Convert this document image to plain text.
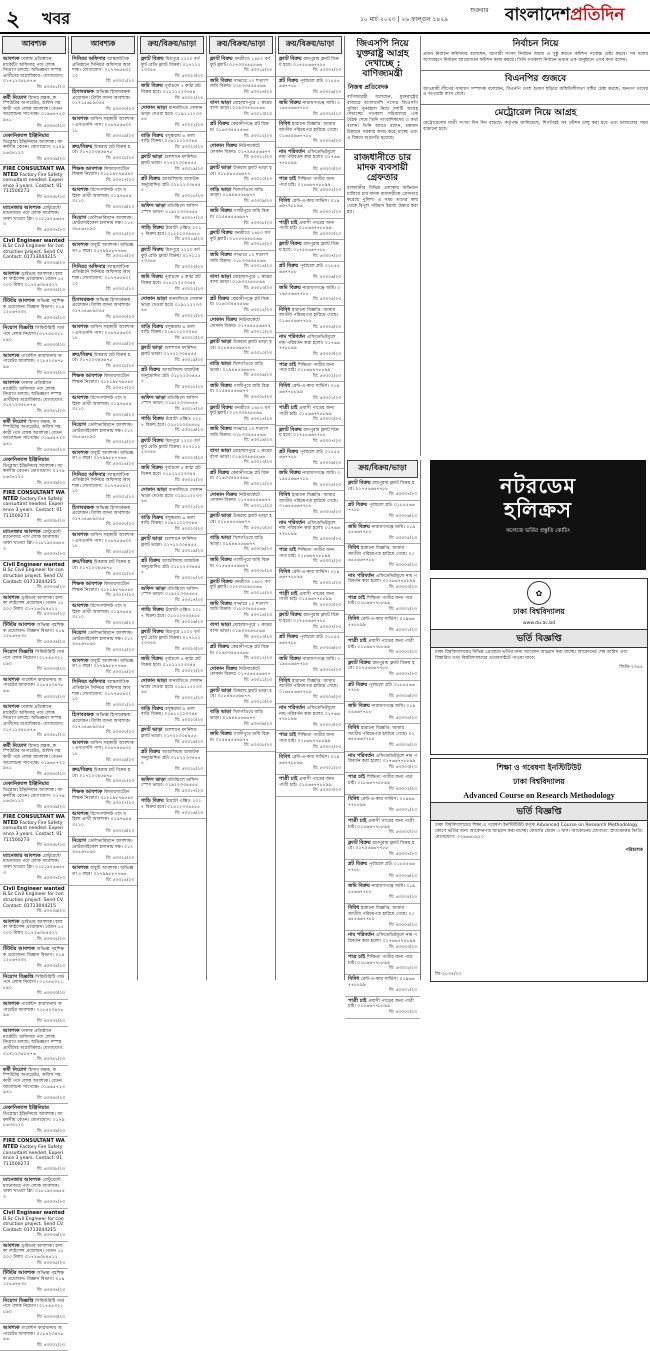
২ খবর	শুক্রবার
১০ মার্চ ২০২৩ | ২৬ ফাল্গুন ১৪২৯	বাংলাদেশপ্রতিদিন
আবশ্যক
আবশ্যক ঢাকাস্থ প্রতিষ্ঠানে মার্কেটিং অফিসার পদে লোক নিয়োগ চলছে। অভিজ্ঞতা সম্পন্ন প্রার্থীদের অগ্রাধিকার। যোগাযোগ: ০১৭১১৩৫৮৪৭৬
বি: ৫৩৩৪১/২৩
কর্মী নিয়োগ হিসাব রক্ষক, কম্পিউটার অপারেটর, অফিস সহকারী পদে লোক আবশ্যক। বেতন আলোচনা সাপেক্ষে। ০১৯৬৫৭২৩৯৪১
বি: ৫৩৩৪০/২৩
মেকানিক্যাল ইঞ্জিনিয়ার ডিপ্লোমা ইঞ্জিনিয়ার আবশ্যক। আকর্ষণীয় বেতন। যোগাযোগ: ০১৭৯৮৬৩৪১২০
বি: ৫৩৩৩৯/২৩
FIRE CONSULTANT WANTED Factory Fire Safety consultant needed. Experience 3 years. Contact: 01711500273
বি: ৫৩৩৩৮/২৩
ম্যানেজার আবশ্যক রেস্টুরেন্টে ম্যানেজার পদে লোক আবশ্যক। থাকা খাওয়া ফ্রি। ০১৮১৯২৪৬৫৫৩
বি: ৫৩৩৩৭/২৩
Civil Engineer wanted B.Sc Civil Engineer for construction project. Send CV. Contact: 01713044215
বি: ৫৩৩৩৬/২৩
আবশ্যক ড্রাইভার আবশ্যক। হালকা লাইসেন্স প্রয়োজন। বেতন ১৫০০০ টাকা। ০১৭২৬৩৮৪৫১২
বি: ৫৩৩৩৫/২৩
টিউটর আবশ্যক অভিজ্ঞ গৃহশিক্ষক প্রয়োজন। বিজ্ঞান বিভাগ। ০১৯১২৫৬৭৪৩২
বি: ৫৩৩৩৪/২৩
নিয়োগ বিজ্ঞপ্তি সিকিউরিটি গার্ড পদে লোক নিয়োগ। ০১৭৪৫৩২১৮৯০
বি: ৫৩৩৩৩/২৩
আবশ্যক গার্মেন্টস কারখানায় অপারেটর আবশ্যক। ০১৮৫২৩৪৭৮৯৬
বি: ৫৩৩৩২/২৩
আবশ্যক ঢাকাস্থ প্রতিষ্ঠানে মার্কেটিং অফিসার পদে লোক নিয়োগ চলছে। অভিজ্ঞতা সম্পন্ন প্রার্থীদের অগ্রাধিকার। যোগাযোগ: ০১৭১১৩৫৮৪৭৬
বি: ৫৩৩৪১/২৩
কর্মী নিয়োগ হিসাব রক্ষক, কম্পিউটার অপারেটর, অফিস সহকারী পদে লোক আবশ্যক। বেতন আলোচনা সাপেক্ষে। ০১৯৬৫৭২৩৯৪১
বি: ৫৩৩৪০/২৩
মেকানিক্যাল ইঞ্জিনিয়ার ডিপ্লোমা ইঞ্জিনিয়ার আবশ্যক। আকর্ষণীয় বেতন। যোগাযোগ: ০১৭৯৮৬৩৪১২০
বি: ৫৩৩৩৯/২৩
FIRE CONSULTANT WANTED Factory Fire Safety consultant needed. Experience 3 years. Contact: 01711500273
বি: ৫৩৩৩৮/২৩
ম্যানেজার আবশ্যক রেস্টুরেন্টে ম্যানেজার পদে লোক আবশ্যক। থাকা খাওয়া ফ্রি। ০১৮১৯২৪৬৫৫৩
বি: ৫৩৩৩৭/২৩
Civil Engineer wanted B.Sc Civil Engineer for construction project. Send CV. Contact: 01713044215
বি: ৫৩৩৩৬/২৩
আবশ্যক ড্রাইভার আবশ্যক। হালকা লাইসেন্স প্রয়োজন। বেতন ১৫০০০ টাকা। ০১৭২৬৩৮৪৫১২
বি: ৫৩৩৩৫/২৩
টিউটর আবশ্যক অভিজ্ঞ গৃহশিক্ষক প্রয়োজন। বিজ্ঞান বিভাগ। ০১৯১২৫৬৭৪৩২
বি: ৫৩৩৩৪/২৩
নিয়োগ বিজ্ঞপ্তি সিকিউরিটি গার্ড পদে লোক নিয়োগ। ০১৭৪৫৩২১৮৯০
বি: ৫৩৩৩৩/২৩
আবশ্যক গার্মেন্টস কারখানায় অপারেটর আবশ্যক। ০১৮৫২৩৪৭৮৯৬
বি: ৫৩৩৩২/২৩
আবশ্যক ঢাকাস্থ প্রতিষ্ঠানে মার্কেটিং অফিসার পদে লোক নিয়োগ চলছে। অভিজ্ঞতা সম্পন্ন প্রার্থীদের অগ্রাধিকার। যোগাযোগ: ০১৭১১৩৫৮৪৭৬
বি: ৫৩৩৪১/২৩
কর্মী নিয়োগ হিসাব রক্ষক, কম্পিউটার অপারেটর, অফিস সহকারী পদে লোক আবশ্যক। বেতন আলোচনা সাপেক্ষে। ০১৯৬৫৭২৩৯৪১
বি: ৫৩৩৪০/২৩
মেকানিক্যাল ইঞ্জিনিয়ার ডিপ্লোমা ইঞ্জিনিয়ার আবশ্যক। আকর্ষণীয় বেতন। যোগাযোগ: ০১৭৯৮৬৩৪১২০
বি: ৫৩৩৩৯/২৩
FIRE CONSULTANT WANTED Factory Fire Safety consultant needed. Experience 3 years. Contact: 01711500273
বি: ৫৩৩৩৮/২৩
ম্যানেজার আবশ্যক রেস্টুরেন্টে ম্যানেজার পদে লোক আবশ্যক। থাকা খাওয়া ফ্রি। ০১৮১৯২৪৬৫৫৩
বি: ৫৩৩৩৭/২৩
Civil Engineer wanted B.Sc Civil Engineer for construction project. Send CV. Contact: 01713044215
বি: ৫৩৩৩৬/২৩
আবশ্যক ড্রাইভার আবশ্যক। হালকা লাইসেন্স প্রয়োজন। বেতন ১৫০০০ টাকা। ০১৭২৬৩৮৪৫১২
বি: ৫৩৩৩৫/২৩
টিউটর আবশ্যক অভিজ্ঞ গৃহশিক্ষক প্রয়োজন। বিজ্ঞান বিভাগ। ০১৯১২৫৬৭৪৩২
বি: ৫৩৩৩৪/২৩
নিয়োগ বিজ্ঞপ্তি সিকিউরিটি গার্ড পদে লোক নিয়োগ। ০১৭৪৫৩২১৮৯০
বি: ৫৩৩৩৩/২৩
আবশ্যক গার্মেন্টস কারখানায় অপারেটর আবশ্যক। ০১৮৫২৩৪৭৮৯৬
বি: ৫৩৩৩২/২৩
আবশ্যক ঢাকাস্থ প্রতিষ্ঠানে মার্কেটিং অফিসার পদে লোক নিয়োগ চলছে। অভিজ্ঞতা সম্পন্ন প্রার্থীদের অগ্রাধিকার। যোগাযোগ: ০১৭১১৩৫৮৪৭৬
বি: ৫৩৩৪১/২৩
কর্মী নিয়োগ হিসাব রক্ষক, কম্পিউটার অপারেটর, অফিস সহকারী পদে লোক আবশ্যক। বেতন আলোচনা সাপেক্ষে। ০১৯৬৫৭২৩৯৪১
বি: ৫৩৩৪০/২৩
মেকানিক্যাল ইঞ্জিনিয়ার ডিপ্লোমা ইঞ্জিনিয়ার আবশ্যক। আকর্ষণীয় বেতন। যোগাযোগ: ০১৭৯৮৬৩৪১২০
বি: ৫৩৩৩৯/২৩
FIRE CONSULTANT WANTED Factory Fire Safety consultant needed. Experience 3 years. Contact: 01711500273
বি: ৫৩৩৩৮/২৩
ম্যানেজার আবশ্যক রেস্টুরেন্টে ম্যানেজার পদে লোক আবশ্যক। থাকা খাওয়া ফ্রি। ০১৮১৯২৪৬৫৫৩
বি: ৫৩৩৩৭/২৩
Civil Engineer wanted B.Sc Civil Engineer for construction project. Send CV. Contact: 01713044215
বি: ৫৩৩৩৬/২৩
আবশ্যক ড্রাইভার আবশ্যক। হালকা লাইসেন্স প্রয়োজন। বেতন ১৫০০০ টাকা। ০১৭২৬৩৮৪৫১২
বি: ৫৩৩৩৫/২৩
টিউটর আবশ্যক অভিজ্ঞ গৃহশিক্ষক প্রয়োজন। বিজ্ঞান বিভাগ। ০১৯১২৫৬৭৪৩২
বি: ৫৩৩৩৪/২৩
নিয়োগ বিজ্ঞপ্তি সিকিউরিটি গার্ড পদে লোক নিয়োগ। ০১৭৪৫৩২১৮৯০
বি: ৫৩৩৩৩/২৩
আবশ্যক গার্মেন্টস কারখানায় অপারেটর আবশ্যক। ০১৮৫২৩৪৭৮৯৬
বি: ৫৩৩৩২/২৩
আবশ্যক
সিনিয়র অফিসার আন্তর্জাতিক প্রতিষ্ঠানে সিনিয়র অফিসার আবশ্যক। যোগাযোগ: ০১৭৭৬৫৪৩২১০
বি: ৫৩৩৩১/২৩
হিসাবরক্ষক অভিজ্ঞ হিসাবরক্ষক প্রয়োজন। ট্যালি জানা আবশ্যক। ০১৭১৫৬৮৯০৪৫
বি: ৫৩৩৩০/২৩
আবশ্যক অফিস সহকারী আবশ্যক। এসএসসি পাস। ০১৬৭৪৫৬৩২১৮
বি: ৫৩৩২৯/২৩
ক্রয়/বিক্রয় উত্তরায় প্লট বিক্রয় হবে। ০১৭১২৩৪৫৬৭৮
বি: ৫৩৩২৮/২৩
শিক্ষক আবশ্যক কিন্ডারগার্টেনে শিক্ষক নিয়োগ। ০১৮১৯৮৭৬৫৪৩
বি: ৫৩৩২৭/২৩
আবশ্যক রিসেপশনিস্ট পদে মহিলা প্রার্থী আবশ্যক। ০১৯৭৬৫৪৩২১০
বি: ৫৩৩২৬/২৩
নিয়োগ ডেলিভারিম্যান আবশ্যক। মোটরসাইকেল চালনায় দক্ষ। ০১৭৩৪৫৬৭৮৯০
বি: ৫৩৩২৫/২৩
আবশ্যক বাবুর্চি আবশ্যক। অভিজ্ঞতা ৫ বছর। ০১৭৯৯৮৮৭৭৬৬
বি: ৫৩৩২৪/২৩
সিনিয়র অফিসার আন্তর্জাতিক প্রতিষ্ঠানে সিনিয়র অফিসার আবশ্যক। যোগাযোগ: ০১৭৭৬৫৪৩২১০
বি: ৫৩৩৩১/২৩
হিসাবরক্ষক অভিজ্ঞ হিসাবরক্ষক প্রয়োজন। ট্যালি জানা আবশ্যক। ০১৭১৫৬৮৯০৪৫
বি: ৫৩৩৩০/২৩
আবশ্যক অফিস সহকারী আবশ্যক। এসএসসি পাস। ০১৬৭৪৫৬৩২১৮
বি: ৫৩৩২৯/২৩
ক্রয়/বিক্রয় উত্তরায় প্লট বিক্রয় হবে। ০১৭১২৩৪৫৬৭৮
বি: ৫৩৩২৮/২৩
শিক্ষক আবশ্যক কিন্ডারগার্টেনে শিক্ষক নিয়োগ। ০১৮১৯৮৭৬৫৪৩
বি: ৫৩৩২৭/২৩
আবশ্যক রিসেপশনিস্ট পদে মহিলা প্রার্থী আবশ্যক। ০১৯৭৬৫৪৩২১০
বি: ৫৩৩২৬/২৩
নিয়োগ ডেলিভারিম্যান আবশ্যক। মোটরসাইকেল চালনায় দক্ষ। ০১৭৩৪৫৬৭৮৯০
বি: ৫৩৩২৫/২৩
আবশ্যক বাবুর্চি আবশ্যক। অভিজ্ঞতা ৫ বছর। ০১৭৯৯৮৮৭৭৬৬
বি: ৫৩৩২৪/২৩
সিনিয়র অফিসার আন্তর্জাতিক প্রতিষ্ঠানে সিনিয়র অফিসার আবশ্যক। যোগাযোগ: ০১৭৭৬৫৪৩২১০
বি: ৫৩৩৩১/২৩
হিসাবরক্ষক অভিজ্ঞ হিসাবরক্ষক প্রয়োজন। ট্যালি জানা আবশ্যক। ০১৭১৫৬৮৯০৪৫
বি: ৫৩৩৩০/২৩
আবশ্যক অফিস সহকারী আবশ্যক। এসএসসি পাস। ০১৬৭৪৫৬৩২১৮
বি: ৫৩৩২৯/২৩
ক্রয়/বিক্রয় উত্তরায় প্লট বিক্রয় হবে। ০১৭১২৩৪৫৬৭৮
বি: ৫৩৩২৮/২৩
শিক্ষক আবশ্যক কিন্ডারগার্টেনে শিক্ষক নিয়োগ। ০১৮১৯৮৭৬৫৪৩
বি: ৫৩৩২৭/২৩
আবশ্যক রিসেপশনিস্ট পদে মহিলা প্রার্থী আবশ্যক। ০১৯৭৬৫৪৩২১০
বি: ৫৩৩২৬/২৩
নিয়োগ ডেলিভারিম্যান আবশ্যক। মোটরসাইকেল চালনায় দক্ষ। ০১৭৩৪৫৬৭৮৯০
বি: ৫৩৩২৫/২৩
আবশ্যক বাবুর্চি আবশ্যক। অভিজ্ঞতা ৫ বছর। ০১৭৯৯৮৮৭৭৬৬
বি: ৫৩৩২৪/২৩
সিনিয়র অফিসার আন্তর্জাতিক প্রতিষ্ঠানে সিনিয়র অফিসার আবশ্যক। যোগাযোগ: ০১৭৭৬৫৪৩২১০
বি: ৫৩৩৩১/২৩
হিসাবরক্ষক অভিজ্ঞ হিসাবরক্ষক প্রয়োজন। ট্যালি জানা আবশ্যক। ০১৭১৫৬৮৯০৪৫
বি: ৫৩৩৩০/২৩
আবশ্যক অফিস সহকারী আবশ্যক। এসএসসি পাস। ০১৬৭৪৫৬৩২১৮
বি: ৫৩৩২৯/২৩
ক্রয়/বিক্রয় উত্তরায় প্লট বিক্রয় হবে। ০১৭১২৩৪৫৬৭৮
বি: ৫৩৩২৮/২৩
শিক্ষক আবশ্যক কিন্ডারগার্টেনে শিক্ষক নিয়োগ। ০১৮১৯৮৭৬৫৪৩
বি: ৫৩৩২৭/২৩
আবশ্যক রিসেপশনিস্ট পদে মহিলা প্রার্থী আবশ্যক। ০১৯৭৬৫৪৩২১০
বি: ৫৩৩২৬/২৩
নিয়োগ ডেলিভারিম্যান আবশ্যক। মোটরসাইকেল চালনায় দক্ষ। ০১৭৩৪৫৬৭৮৯০
বি: ৫৩৩২৫/২৩
আবশ্যক বাবুর্চি আবশ্যক। অভিজ্ঞতা ৫ বছর। ০১৭৯৯৮৮৭৭৬৬
বি: ৫৩৩২৪/২৩
ক্রয়/বিক্রয়/ভাড়া
ফ্ল্যাট বিক্রয় মিরপুরে ১২০০ বর্গফুট রেডি ফ্ল্যাট বিক্রয়। ০১৭১১২২৩৩৪৪
বি: ৫৩৩২৩/২৩
জমি বিক্রয় পূর্বাচলে ৫ কাঠা প্লট বিক্রয় হবে। ০১৮১১২২৩৩৪৪
বি: ৫৩৩২২/২৩
দোকান ভাড়া ধানমন্ডিতে দোকান ভাড়া দেওয়া হবে। ০১৯১১২২৩৩৪৪
বি: ৫৩৩২১/২৩
বাড়ি বিক্রয় বসুন্ধরায় ৬ তলা বাড়ি বিক্রয়। ০১৬১১২২৩৩৪৪
বি: ৫৩৩২০/২৩
ফ্ল্যাট ভাড়া গুলশানে ফার্নিশড ফ্ল্যাট ভাড়া। ০১৭২২৩৩৪৪৫৫
বি: ৫৩৩১৯/২৩
প্লট বিক্রয় আশুলিয়ায় রাজউক অনুমোদিত প্লট। ০১৮২২৩৩৪৪৫৫
বি: ৫৩৩১৮/২৩
অফিস ভাড়া মতিঝিলে অফিস স্পেস ভাড়া। ০১৯২২৩৩৪৪৫৫
বি: ৫৩৩১৭/২৩
গাড়ি বিক্রয় টয়োটা এক্সিও ২০১৭ বিক্রয় হবে। ০১৫২২৩৩৪৪৫৫
বি: ৫৩৩১৬/২৩
ফ্ল্যাট বিক্রয় মিরপুরে ১২০০ বর্গফুট রেডি ফ্ল্যাট বিক্রয়। ০১৭১১২২৩৩৪৪
বি: ৫৩৩২৩/২৩
জমি বিক্রয় পূর্বাচলে ৫ কাঠা প্লট বিক্রয় হবে। ০১৮১১২২৩৩৪৪
বি: ৫৩৩২২/২৩
দোকান ভাড়া ধানমন্ডিতে দোকান ভাড়া দেওয়া হবে। ০১৯১১২২৩৩৪৪
বি: ৫৩৩২১/২৩
বাড়ি বিক্রয় বসুন্ধরায় ৬ তলা বাড়ি বিক্রয়। ০১৬১১২২৩৩৪৪
বি: ৫৩৩২০/২৩
ফ্ল্যাট ভাড়া গুলশানে ফার্নিশড ফ্ল্যাট ভাড়া। ০১৭২২৩৩৪৪৫৫
বি: ৫৩৩১৯/২৩
প্লট বিক্রয় আশুলিয়ায় রাজউক অনুমোদিত প্লট। ০১৮২২৩৩৪৪৫৫
বি: ৫৩৩১৮/২৩
অফিস ভাড়া মতিঝিলে অফিস স্পেস ভাড়া। ০১৯২২৩৩৪৪৫৫
বি: ৫৩৩১৭/২৩
গাড়ি বিক্রয় টয়োটা এক্সিও ২০১৭ বিক্রয় হবে। ০১৫২২৩৩৪৪৫৫
বি: ৫৩৩১৬/২৩
ফ্ল্যাট বিক্রয় মিরপুরে ১২০০ বর্গফুট রেডি ফ্ল্যাট বিক্রয়। ০১৭১১২২৩৩৪৪
বি: ৫৩৩২৩/২৩
জমি বিক্রয় পূর্বাচলে ৫ কাঠা প্লট বিক্রয় হবে। ০১৮১১২২৩৩৪৪
বি: ৫৩৩২২/২৩
দোকান ভাড়া ধানমন্ডিতে দোকান ভাড়া দেওয়া হবে। ০১৯১১২২৩৩৪৪
বি: ৫৩৩২১/২৩
বাড়ি বিক্রয় বসুন্ধরায় ৬ তলা বাড়ি বিক্রয়। ০১৬১১২২৩৩৪৪
বি: ৫৩৩২০/২৩
ফ্ল্যাট ভাড়া গুলশানে ফার্নিশড ফ্ল্যাট ভাড়া। ০১৭২২৩৩৪৪৫৫
বি: ৫৩৩১৯/২৩
প্লট বিক্রয় আশুলিয়ায় রাজউক অনুমোদিত প্লট। ০১৮২২৩৩৪৪৫৫
বি: ৫৩৩১৮/২৩
অফিস ভাড়া মতিঝিলে অফিস স্পেস ভাড়া। ০১৯২২৩৩৪৪৫৫
বি: ৫৩৩১৭/২৩
গাড়ি বিক্রয় টয়োটা এক্সিও ২০১৭ বিক্রয় হবে। ০১৫২২৩৩৪৪৫৫
বি: ৫৩৩১৬/২৩
ফ্ল্যাট বিক্রয় মিরপুরে ১২০০ বর্গফুট রেডি ফ্ল্যাট বিক্রয়। ০১৭১১২২৩৩৪৪
বি: ৫৩৩২৩/২৩
জমি বিক্রয় পূর্বাচলে ৫ কাঠা প্লট বিক্রয় হবে। ০১৮১১২২৩৩৪৪
বি: ৫৩৩২২/২৩
দোকান ভাড়া ধানমন্ডিতে দোকান ভাড়া দেওয়া হবে। ০১৯১১২২৩৩৪৪
বি: ৫৩৩২১/২৩
বাড়ি বিক্রয় বসুন্ধরায় ৬ তলা বাড়ি বিক্রয়। ০১৬১১২২৩৩৪৪
বি: ৫৩৩২০/২৩
ফ্ল্যাট ভাড়া গুলশানে ফার্নিশড ফ্ল্যাট ভাড়া। ০১৭২২৩৩৪৪৫৫
বি: ৫৩৩১৯/২৩
প্লট বিক্রয় আশুলিয়ায় রাজউক অনুমোদিত প্লট। ০১৮২২৩৩৪৪৫৫
বি: ৫৩৩১৮/২৩
অফিস ভাড়া মতিঝিলে অফিস স্পেস ভাড়া। ০১৯২২৩৩৪৪৫৫
বি: ৫৩৩১৭/২৩
গাড়ি বিক্রয় টয়োটা এক্সিও ২০১৭ বিক্রয় হবে। ০১৫২২৩৩৪৪৫৫
বি: ৫৩৩১৬/২৩
ক্রয়/বিক্রয়/ভাড়া
ফ্ল্যাট বিক্রয় বনশ্রীতে ১৪৫০ বর্গফুট ফ্ল্যাট। ০১৭৩৩৪৪৫৫৬৬
বি: ৫৩৩১৫/২৩
জমি বিক্রয় সাভারে ১০ শতাংশ জমি বিক্রয়। ০১৮৩৩৪৪৫৫৬৬
বি: ৫৩৩১৪/২৩
বাসা ভাড়া মোহাম্মদপুরে ২ রুমের বাসা ভাড়া। ০১৯৩৩৪৪৫৫৬৬
বি: ৫৩৩১৩/২৩
প্লট বিক্রয় কেরানীগঞ্জে প্লট বিক্রয়। ০১৬৩৩৪৪৫৫৬৬
বি: ৫৩৩১২/২৩
দোকান বিক্রয় নিউমার্কেটে দোকান বিক্রয়। ০১৭৪৪৫৫৬৬৭৭
বি: ৫৩৩১১/২৩
ফ্ল্যাট ভাড়া উত্তরায় ফ্ল্যাট ভাড়া হবে। ০১৮৪৪৫৫৬৬৭৭
বি: ৫৩৩১০/২৩
বাড়ি ভাড়া খিলগাঁওয়ে বাড়ি ভাড়া। ০১৯৪৪৫৫৬৬৭৭
বি: ৫৩৩০৯/২৩
জমি বিক্রয় গাজীপুরে জমি বিক্রয়। ০১৫৪৪৫৫৬৬৭৭
বি: ৫৩৩০৮/২৩
ফ্ল্যাট বিক্রয় বনশ্রীতে ১৪৫০ বর্গফুট ফ্ল্যাট। ০১৭৩৩৪৪৫৫৬৬
বি: ৫৩৩১৫/২৩
জমি বিক্রয় সাভারে ১০ শতাংশ জমি বিক্রয়। ০১৮৩৩৪৪৫৫৬৬
বি: ৫৩৩১৪/২৩
বাসা ভাড়া মোহাম্মদপুরে ২ রুমের বাসা ভাড়া। ০১৯৩৩৪৪৫৫৬৬
বি: ৫৩৩১৩/২৩
প্লট বিক্রয় কেরানীগঞ্জে প্লট বিক্রয়। ০১৬৩৩৪৪৫৫৬৬
বি: ৫৩৩১২/২৩
দোকান বিক্রয় নিউমার্কেটে দোকান বিক্রয়। ০১৭৪৪৫৫৬৬৭৭
বি: ৫৩৩১১/২৩
ফ্ল্যাট ভাড়া উত্তরায় ফ্ল্যাট ভাড়া হবে। ০১৮৪৪৫৫৬৬৭৭
বি: ৫৩৩১০/২৩
বাড়ি ভাড়া খিলগাঁওয়ে বাড়ি ভাড়া। ০১৯৪৪৫৫৬৬৭৭
বি: ৫৩৩০৯/২৩
জমি বিক্রয় গাজীপুরে জমি বিক্রয়। ০১৫৪৪৫৫৬৬৭৭
বি: ৫৩৩০৮/২৩
ফ্ল্যাট বিক্রয় বনশ্রীতে ১৪৫০ বর্গফুট ফ্ল্যাট। ০১৭৩৩৪৪৫৫৬৬
বি: ৫৩৩১৫/২৩
জমি বিক্রয় সাভারে ১০ শতাংশ জমি বিক্রয়। ০১৮৩৩৪৪৫৫৬৬
বি: ৫৩৩১৪/২৩
বাসা ভাড়া মোহাম্মদপুরে ২ রুমের বাসা ভাড়া। ০১৯৩৩৪৪৫৫৬৬
বি: ৫৩৩১৩/২৩
প্লট বিক্রয় কেরানীগঞ্জে প্লট বিক্রয়। ০১৬৩৩৪৪৫৫৬৬
বি: ৫৩৩১২/২৩
দোকান বিক্রয় নিউমার্কেটে দোকান বিক্রয়। ০১৭৪৪৫৫৬৬৭৭
বি: ৫৩৩১১/২৩
ফ্ল্যাট ভাড়া উত্তরায় ফ্ল্যাট ভাড়া হবে। ০১৮৪৪৫৫৬৬৭৭
বি: ৫৩৩১০/২৩
বাড়ি ভাড়া খিলগাঁওয়ে বাড়ি ভাড়া। ০১৯৪৪৫৫৬৬৭৭
বি: ৫৩৩০৯/২৩
জমি বিক্রয় গাজীপুরে জমি বিক্রয়। ০১৫৪৪৫৫৬৬৭৭
বি: ৫৩৩০৮/২৩
ফ্ল্যাট বিক্রয় বনশ্রীতে ১৪৫০ বর্গফুট ফ্ল্যাট। ০১৭৩৩৪৪৫৫৬৬
বি: ৫৩৩১৫/২৩
জমি বিক্রয় সাভারে ১০ শতাংশ জমি বিক্রয়। ০১৮৩৩৪৪৫৫৬৬
বি: ৫৩৩১৪/২৩
বাসা ভাড়া মোহাম্মদপুরে ২ রুমের বাসা ভাড়া। ০১৯৩৩৪৪৫৫৬৬
বি: ৫৩৩১৩/২৩
প্লট বিক্রয় কেরানীগঞ্জে প্লট বিক্রয়। ০১৬৩৩৪৪৫৫৬৬
বি: ৫৩৩১২/২৩
দোকান বিক্রয় নিউমার্কেটে দোকান বিক্রয়। ০১৭৪৪৫৫৬৬৭৭
বি: ৫৩৩১১/২৩
ফ্ল্যাট ভাড়া উত্তরায় ফ্ল্যাট ভাড়া হবে। ০১৮৪৪৫৫৬৬৭৭
বি: ৫৩৩১০/২৩
বাড়ি ভাড়া খিলগাঁওয়ে বাড়ি ভাড়া। ০১৯৪৪৫৫৬৬৭৭
বি: ৫৩৩০৯/২৩
জমি বিক্রয় গাজীপুরে জমি বিক্রয়। ০১৫৪৪৫৫৬৬৭৭
বি: ৫৩৩০৮/২৩
ক্রয়/বিক্রয়/ভাড়া
ফ্ল্যাট বিক্রয় রামপুরায় ফ্ল্যাট বিক্রয় হবে। ০১৭৫৫৬৬৭৭৮৮
বি: ৫৩৩০৭/২৩
প্লট বিক্রয় পূর্বাচলে প্লট। ০১৮৫৫৬৬৭৭৮৮
বি: ৫৩৩০৬/২৩
জমি বিক্রয় নারায়ণগঞ্জে জমি। ০১৯৫৫৬৬৭৭৮৮
বি: ৫৩৩০৫/২৩
বিবিধ হারানো বিজ্ঞপ্তি: আমার জাতীয় পরিচয়পত্র হারিয়ে গেছে। ০১৬৫৫৬৬৭৭৮৮
বি: ৫৩৩০৪/২৩
নাম পরিবর্তন এফিডেভিটমূলে নাম পরিবর্তন করা হলো। ০১৭৬৬৭৭৮৮৯৯
বি: ৫৩৩০৩/২৩
পাত্র চাই শিক্ষিতা পাত্রীর জন্য পাত্র চাই। ০১৮৬৬৭৭৮৮৯৯
বি: ৫৩৩০২/২৩
বিবিধ রেন্ট-এ-কার সার্ভিস। ০১৯৬৬৭৭৮৮৯৯
বি: ৫৩৩০১/২৩
পাত্রী চাই প্রবাসী পাত্রের জন্য পাত্রী চাই। ০১৫৬৬৭৭৮৮৯৯
বি: ৫৩৩০০/২৩
ফ্ল্যাট বিক্রয় রামপুরায় ফ্ল্যাট বিক্রয় হবে। ০১৭৫৫৬৬৭৭৮৮
বি: ৫৩৩০৭/২৩
প্লট বিক্রয় পূর্বাচলে প্লট। ০১৮৫৫৬৬৭৭৮৮
বি: ৫৩৩০৬/২৩
জমি বিক্রয় নারায়ণগঞ্জে জমি। ০১৯৫৫৬৬৭৭৮৮
বি: ৫৩৩০৫/২৩
বিবিধ হারানো বিজ্ঞপ্তি: আমার জাতীয় পরিচয়পত্র হারিয়ে গেছে। ০১৬৫৫৬৬৭৭৮৮
বি: ৫৩৩০৪/২৩
নাম পরিবর্তন এফিডেভিটমূলে নাম পরিবর্তন করা হলো। ০১৭৬৬৭৭৮৮৯৯
বি: ৫৩৩০৩/২৩
পাত্র চাই শিক্ষিতা পাত্রীর জন্য পাত্র চাই। ০১৮৬৬৭৭৮৮৯৯
বি: ৫৩৩০২/২৩
বিবিধ রেন্ট-এ-কার সার্ভিস। ০১৯৬৬৭৭৮৮৯৯
বি: ৫৩৩০১/২৩
পাত্রী চাই প্রবাসী পাত্রের জন্য পাত্রী চাই। ০১৫৬৬৭৭৮৮৯৯
বি: ৫৩৩০০/২৩
ফ্ল্যাট বিক্রয় রামপুরায় ফ্ল্যাট বিক্রয় হবে। ০১৭৫৫৬৬৭৭৮৮
বি: ৫৩৩০৭/২৩
প্লট বিক্রয় পূর্বাচলে প্লট। ০১৮৫৫৬৬৭৭৮৮
বি: ৫৩৩০৬/২৩
জমি বিক্রয় নারায়ণগঞ্জে জমি। ০১৯৫৫৬৬৭৭৮৮
বি: ৫৩৩০৫/২৩
বিবিধ হারানো বিজ্ঞপ্তি: আমার জাতীয় পরিচয়পত্র হারিয়ে গেছে। ০১৬৫৫৬৬৭৭৮৮
বি: ৫৩৩০৪/২৩
নাম পরিবর্তন এফিডেভিটমূলে নাম পরিবর্তন করা হলো। ০১৭৬৬৭৭৮৮৯৯
বি: ৫৩৩০৩/২৩
পাত্র চাই শিক্ষিতা পাত্রীর জন্য পাত্র চাই। ০১৮৬৬৭৭৮৮৯৯
বি: ৫৩৩০২/২৩
বিবিধ রেন্ট-এ-কার সার্ভিস। ০১৯৬৬৭৭৮৮৯৯
বি: ৫৩৩০১/২৩
পাত্রী চাই প্রবাসী পাত্রের জন্য পাত্রী চাই। ০১৫৬৬৭৭৮৮৯৯
বি: ৫৩৩০০/২৩
ফ্ল্যাট বিক্রয় রামপুরায় ফ্ল্যাট বিক্রয় হবে। ০১৭৫৫৬৬৭৭৮৮
বি: ৫৩৩০৭/২৩
প্লট বিক্রয় পূর্বাচলে প্লট। ০১৮৫৫৬৬৭৭৮৮
বি: ৫৩৩০৬/২৩
জমি বিক্রয় নারায়ণগঞ্জে জমি। ০১৯৫৫৬৬৭৭৮৮
বি: ৫৩৩০৫/২৩
বিবিধ হারানো বিজ্ঞপ্তি: আমার জাতীয় পরিচয়পত্র হারিয়ে গেছে। ০১৬৫৫৬৬৭৭৮৮
বি: ৫৩৩০৪/২৩
নাম পরিবর্তন এফিডেভিটমূলে নাম পরিবর্তন করা হলো। ০১৭৬৬৭৭৮৮৯৯
বি: ৫৩৩০৩/২৩
পাত্র চাই শিক্ষিতা পাত্রীর জন্য পাত্র চাই। ০১৮৬৬৭৭৮৮৯৯
বি: ৫৩৩০২/২৩
বিবিধ রেন্ট-এ-কার সার্ভিস। ০১৯৬৬৭৭৮৮৯৯
বি: ৫৩৩০১/২৩
পাত্রী চাই প্রবাসী পাত্রের জন্য পাত্রী চাই। ০১৫৬৬৭৭৮৮৯৯
বি: ৫৩৩০০/২৩
জিএসপি নিয়ে যুক্তরাষ্ট্র আগ্রহ দেখাচ্ছে : বাণিজ্যমন্ত্রী
নিজস্ব প্রতিবেদক
বাণিজ্যমন্ত্রী বলেছেন, যুক্তরাষ্ট্রের বাজারে বাংলাদেশি পণ্যের জিএসপি সুবিধা পুনর্বহাল নিয়ে দেশটি আগ্রহ দেখাচ্ছে। গতকাল সচিবালয়ে এক বৈঠক শেষে তিনি সাংবাদিকদের এ কথা বলেন। তিনি আরও বলেন, শ্রমমান উন্নয়নে সরকার কাজ করে যাচ্ছে এবং এ বিষয়ে অগ্রগতি হয়েছে।
রাজধানীতে চার মাদক ব্যবসায়ী গ্রেফতার
রাজধানীর বিভিন্ন এলাকায় অভিযান চালিয়ে চার মাদক ব্যবসায়ীকে গ্রেফতার করেছে পুলিশ। এ সময় তাদের কাছ থেকে বিপুল পরিমাণ ইয়াবা উদ্ধার করা হয়।
নির্বাচন নিয়ে
প্রধান নির্বাচন কমিশনার বলেছেন, আগামী সংসদ নির্বাচন অবাধ ও সুষ্ঠু করতে কমিশন সর্বোচ্চ চেষ্টা করবে। সব দলের অংশগ্রহণে নির্বাচন আয়োজনে কমিশন কাজ করছে। তিনি গতকাল নির্বাচন ভবনে এক অনুষ্ঠানে এসব কথা বলেন।
বিএনপির গুজবে
আওয়ামী লীগের সাধারণ সম্পাদক বলেছেন, বিএনপি দেশে গুজব ছড়িয়ে অস্থিতিশীলতা সৃষ্টির চেষ্টা করছে। জনগণ তাদের এ অপচেষ্টা রুখে দেবে।
মেট্রোরেল নিয়ে আগ্রহ
মেট্রোরেলের যাত্রী সংখ্যা দিন দিন বাড়ছে। কর্তৃপক্ষ জানিয়েছে, শিগগিরই সব স্টেশন চালু করা হবে এবং চলাচলের সময় বাড়ানো হবে।
ক্রয়/বিক্রয়/ভাড়া
ফ্ল্যাট বিক্রয় রামপুরায় ফ্ল্যাট বিক্রয় হবে। ০১৭৫৫৬৬৭৭৮৮
বি: ৫৩৩০৭/২৩
প্লট বিক্রয় পূর্বাচলে প্লট। ০১৮৫৫৬৬৭৭৮৮
বি: ৫৩৩০৬/২৩
জমি বিক্রয় নারায়ণগঞ্জে জমি। ০১৯৫৫৬৬৭৭৮৮
বি: ৫৩৩০৫/২৩
বিবিধ হারানো বিজ্ঞপ্তি: আমার জাতীয় পরিচয়পত্র হারিয়ে গেছে। ০১৬৫৫৬৬৭৭৮৮
বি: ৫৩৩০৪/২৩
নাম পরিবর্তন এফিডেভিটমূলে নাম পরিবর্তন করা হলো। ০১৭৬৬৭৭৮৮৯৯
বি: ৫৩৩০৩/২৩
পাত্র চাই শিক্ষিতা পাত্রীর জন্য পাত্র চাই। ০১৮৬৬৭৭৮৮৯৯
বি: ৫৩৩০২/২৩
বিবিধ রেন্ট-এ-কার সার্ভিস। ০১৯৬৬৭৭৮৮৯৯
বি: ৫৩৩০১/২৩
পাত্রী চাই প্রবাসী পাত্রের জন্য পাত্রী চাই। ০১৫৬৬৭৭৮৮৯৯
বি: ৫৩৩০০/২৩
ফ্ল্যাট বিক্রয় রামপুরায় ফ্ল্যাট বিক্রয় হবে। ০১৭৫৫৬৬৭৭৮৮
বি: ৫৩৩০৭/২৩
প্লট বিক্রয় পূর্বাচলে প্লট। ০১৮৫৫৬৬৭৭৮৮
বি: ৫৩৩০৬/২৩
জমি বিক্রয় নারায়ণগঞ্জে জমি। ০১৯৫৫৬৬৭৭৮৮
বি: ৫৩৩০৫/২৩
বিবিধ হারানো বিজ্ঞপ্তি: আমার জাতীয় পরিচয়পত্র হারিয়ে গেছে। ০১৬৫৫৬৬৭৭৮৮
বি: ৫৩৩০৪/২৩
নাম পরিবর্তন এফিডেভিটমূলে নাম পরিবর্তন করা হলো। ০১৭৬৬৭৭৮৮৯৯
বি: ৫৩৩০৩/২৩
পাত্র চাই শিক্ষিতা পাত্রীর জন্য পাত্র চাই। ০১৮৬৬৭৭৮৮৯৯
বি: ৫৩৩০২/২৩
বিবিধ রেন্ট-এ-কার সার্ভিস। ০১৯৬৬৭৭৮৮৯৯
বি: ৫৩৩০১/২৩
পাত্রী চাই প্রবাসী পাত্রের জন্য পাত্রী চাই। ০১৫৬৬৭৭৮৮৯৯
বি: ৫৩৩০০/২৩
ফ্ল্যাট বিক্রয় রামপুরায় ফ্ল্যাট বিক্রয় হবে। ০১৭৫৫৬৬৭৭৮৮
বি: ৫৩৩০৭/২৩
প্লট বিক্রয় পূর্বাচলে প্লট। ০১৮৫৫৬৬৭৭৮৮
বি: ৫৩৩০৬/২৩
জমি বিক্রয় নারায়ণগঞ্জে জমি। ০১৯৫৫৬৬৭৭৮৮
বি: ৫৩৩০৫/২৩
বিবিধ হারানো বিজ্ঞপ্তি: আমার জাতীয় পরিচয়পত্র হারিয়ে গেছে। ০১৬৫৫৬৬৭৭৮৮
বি: ৫৩৩০৪/২৩
নাম পরিবর্তন এফিডেভিটমূলে নাম পরিবর্তন করা হলো। ০১৭৬৬৭৭৮৮৯৯
বি: ৫৩৩০৩/২৩
পাত্র চাই শিক্ষিতা পাত্রীর জন্য পাত্র চাই। ০১৮৬৬৭৭৮৮৯৯
বি: ৫৩৩০২/২৩
বিবিধ রেন্ট-এ-কার সার্ভিস। ০১৯৬৬৭৭৮৮৯৯
বি: ৫৩৩০১/২৩
পাত্রী চাই প্রবাসী পাত্রের জন্য পাত্রী চাই। ০১৫৬৬৭৭৮৮৯৯
বি: ৫৩৩০০/২৩
নটরডেম
হলিক্রস
কলেজে ভর্তির প্রস্তুতি কোচিং
✿
ঢাকা বিশ্ববিদ্যালয়
www.du.ac.bd
ভর্তি বিজ্ঞপ্তি
ঢাকা বিশ্ববিদ্যালয়ের বিভিন্ন প্রোগ্রামে ভর্তির জন্য আবেদন আহ্বান করা যাচ্ছে। আবেদনের শেষ তারিখ এবং বিস্তারিত তথ্য বিশ্ববিদ্যালয়ের ওয়েবসাইটে পাওয়া যাবে।
জিডি-২৩৪৫
শিক্ষা ও গবেষণা ইনস্টিটিউট
ঢাকা বিশ্ববিদ্যালয়
Advanced Course on Research Methodology
ভর্তি বিজ্ঞপ্তি
ঢাকা বিশ্ববিদ্যালয়ের শিক্ষা ও গবেষণা ইনস্টিটিউট কর্তৃক Advanced Course on Research Methodology কোর্সে ভর্তির জন্য আবেদনপত্র আহ্বান করা যাচ্ছে। কোর্সের মেয়াদ ৩ মাস। আবেদনের যোগ্যতা: স্নাতকোত্তর ডিগ্রি। যোগাযোগ: ০২৯৬৬১৯২০
পরিচালক
জি-২৮৩৭/২৩
